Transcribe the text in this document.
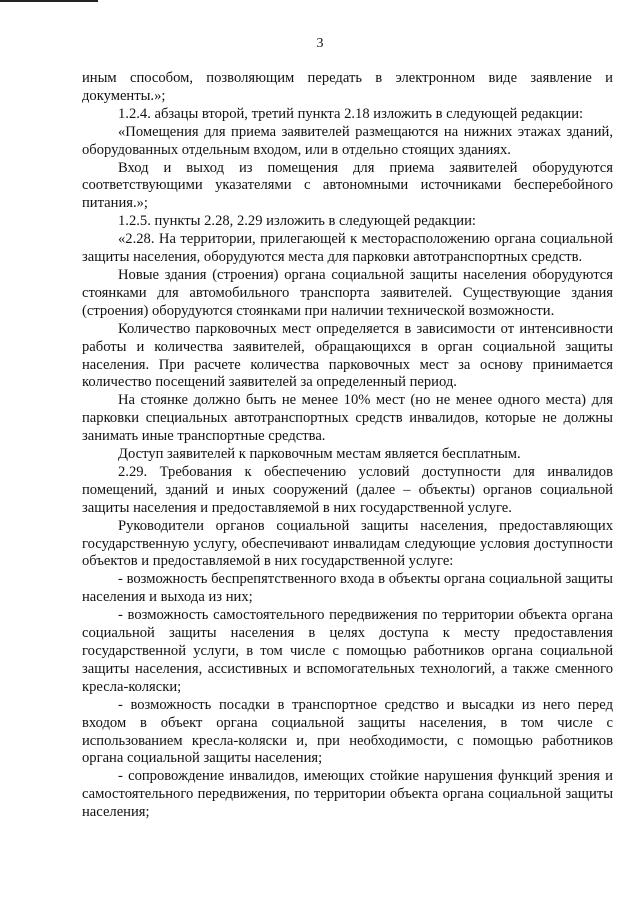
3

иным способом, позволяющим передать в электронном виде заявление и документы.»;

1.2.4. абзацы второй, третий пункта 2.18 изложить в следующей редакции:

«Помещения для приема заявителей размещаются на нижних этажах зданий, оборудованных отдельным входом, или в отдельно стоящих зданиях.

Вход и выход из помещения для приема заявителей оборудуются соответствующими указателями с автономными источниками бесперебойного питания.»;

1.2.5. пункты 2.28, 2.29 изложить в следующей редакции:

«2.28. На территории, прилегающей к месторасположению органа социальной защиты населения, оборудуются места для парковки автотранспортных средств.

Новые здания (строения) органа социальной защиты населения оборудуются стоянками для автомобильного транспорта заявителей. Существующие здания (строения) оборудуются стоянками при наличии технической возможности.

Количество парковочных мест определяется в зависимости от интенсивности работы и количества заявителей, обращающихся в орган социальной защиты населения. При расчете количества парковочных мест за основу принимается количество посещений заявителей за определенный период.

На стоянке должно быть не менее 10% мест (но не менее одного места) для парковки специальных автотранспортных средств инвалидов, которые не должны занимать иные транспортные средства.

Доступ заявителей к парковочным местам является бесплатным.

2.29. Требования к обеспечению условий доступности для инвалидов помещений, зданий и иных сооружений (далее – объекты) органов социальной защиты населения и предоставляемой в них государственной услуге.

Руководители органов социальной защиты населения, предоставляющих государственную услугу, обеспечивают инвалидам следующие условия доступности объектов и предоставляемой в них государственной услуге:

- возможность беспрепятственного входа в объекты органа социальной защиты населения и выхода из них;

- возможность самостоятельного передвижения по территории объекта органа социальной защиты населения в целях доступа к месту предоставления государственной услуги, в том числе с помощью работников органа социальной защиты населения, ассистивных и вспомогательных технологий, а также сменного кресла-коляски;

- возможность посадки в транспортное средство и высадки из него перед входом в объект органа социальной защиты населения, в том числе с использованием кресла-коляски и, при необходимости, с помощью работников органа социальной защиты населения;

- сопровождение инвалидов, имеющих стойкие нарушения функций зрения и самостоятельного передвижения, по территории объекта органа социальной защиты населения;
